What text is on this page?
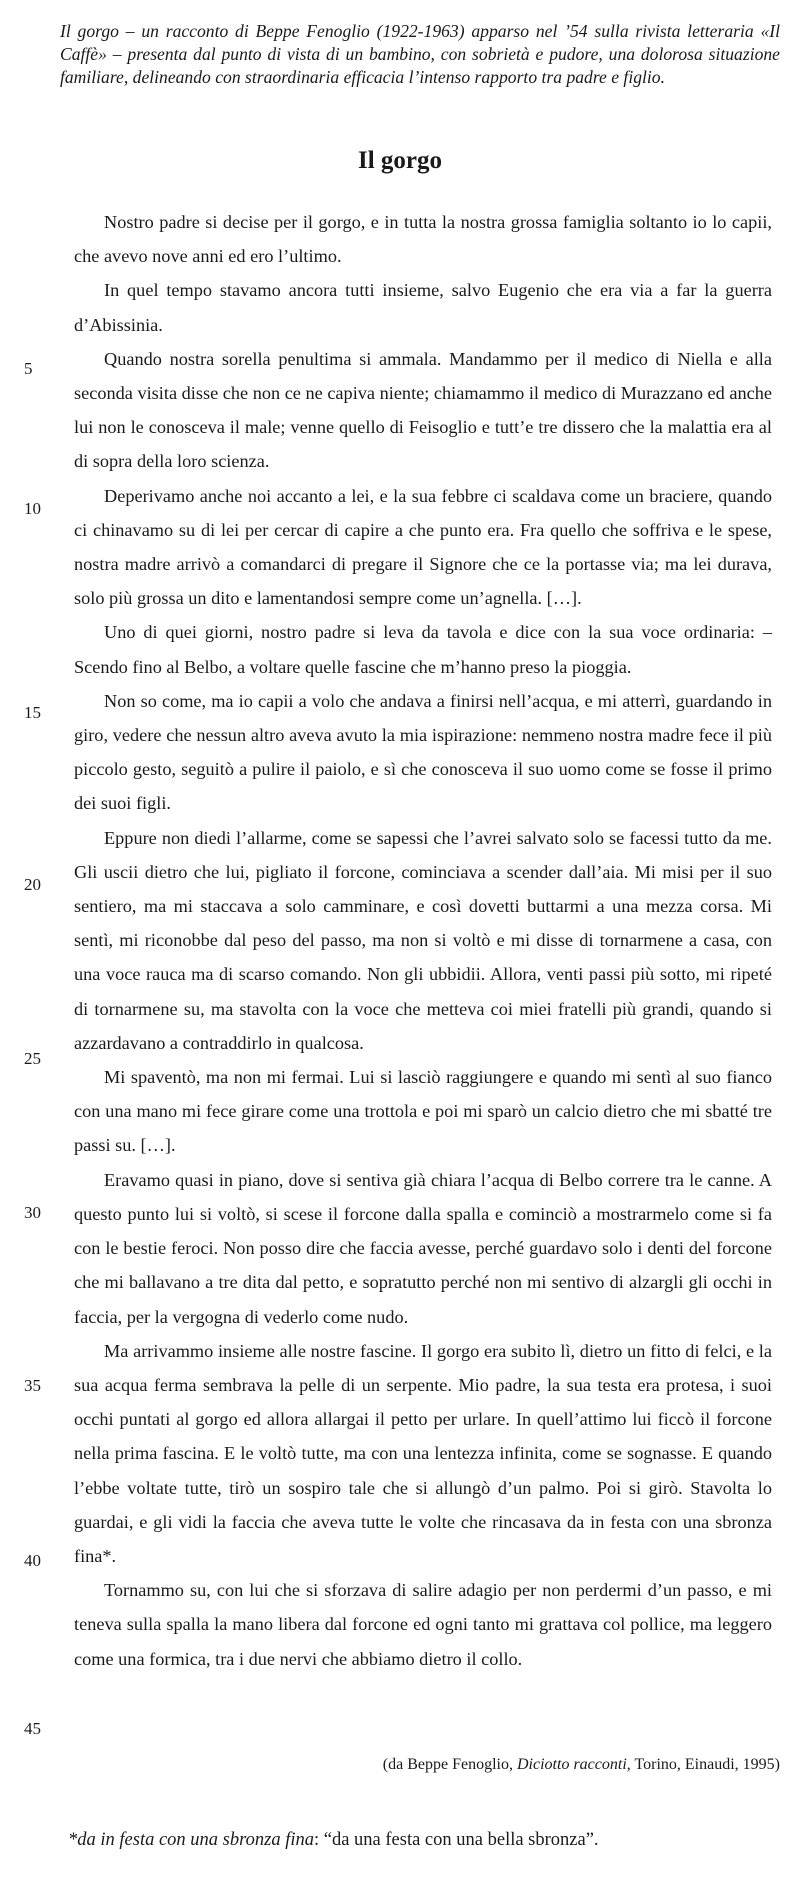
Il gorgo – un racconto di Beppe Fenoglio (1922-1963) apparso nel ’54 sulla rivista letteraria «Il Caffè» – presenta dal punto di vista di un bambino, con sobrietà e pudore, una dolorosa situazione familiare, delineando con straordinaria efficacia l’intenso rapporto tra padre e figlio.
Il gorgo
5
10
15
20
25
30
35
40
45

Nostro padre si decise per il gorgo, e in tutta la nostra grossa famiglia soltanto io lo capii, che avevo nove anni ed ero l’ultimo.

In quel tempo stavamo ancora tutti insieme, salvo Eugenio che era via a far la guerra d’Abissinia.

Quando nostra sorella penultima si ammala. Mandammo per il medico di Niella e alla seconda visita disse che non ce ne capiva niente; chiamammo il medico di Murazzano ed anche lui non le conosceva il male; venne quello di Feisoglio e tutt’e tre dissero che la malattia era al di sopra della loro scienza.

Deperivamo anche noi accanto a lei, e la sua febbre ci scaldava come un braciere, quando ci chinavamo su di lei per cercar di capire a che punto era. Fra quello che soffriva e le spese, nostra madre arrivò a comandarci di pregare il Signore che ce la portasse via; ma lei durava, solo più grossa un dito e lamentandosi sempre come un’agnella. […].

Uno di quei giorni, nostro padre si leva da tavola e dice con la sua voce ordinaria: – Scendo fino al Belbo, a voltare quelle fascine che m’hanno preso la pioggia.

Non so come, ma io capii a volo che andava a finirsi nell’acqua, e mi atterrì, guardando in giro, vedere che nessun altro aveva avuto la mia ispirazione: nemmeno nostra madre fece il più piccolo gesto, seguitò a pulire il paiolo, e sì che conosceva il suo uomo come se fosse il primo dei suoi figli.

Eppure non diedi l’allarme, come se sapessi che l’avrei salvato solo se facessi tutto da me. Gli uscii dietro che lui, pigliato il forcone, cominciava a scender dall’aia. Mi misi per il suo sentiero, ma mi staccava a solo camminare, e così dovetti buttarmi a una mezza corsa. Mi sentì, mi riconobbe dal peso del passo, ma non si voltò e mi disse di tornarmene a casa, con una voce rauca ma di scarso comando. Non gli ubbidii. Allora, venti passi più sotto, mi ripeté di tornarmene su, ma stavolta con la voce che metteva coi miei fratelli più grandi, quando si azzardavano a contraddirlo in qualcosa.

Mi spaventò, ma non mi fermai. Lui si lasciò raggiungere e quando mi sentì al suo fianco con una mano mi fece girare come una trottola e poi mi sparò un calcio dietro che mi sbatté tre passi su. […].

Eravamo quasi in piano, dove si sentiva già chiara l’acqua di Belbo correre tra le canne. A questo punto lui si voltò, si scese il forcone dalla spalla e cominciò a mostrarmelo come si fa con le bestie feroci. Non posso dire che faccia avesse, perché guardavo solo i denti del forcone che mi ballavano a tre dita dal petto, e sopratutto perché non mi sentivo di alzargli gli occhi in faccia, per la vergogna di vederlo come nudo.

Ma arrivammo insieme alle nostre fascine. Il gorgo era subito lì, dietro un fitto di felci, e la sua acqua ferma sembrava la pelle di un serpente. Mio padre, la sua testa era protesa, i suoi occhi puntati al gorgo ed allora allargai il petto per urlare. In quell’attimo lui ficcò il forcone nella prima fascina. E le voltò tutte, ma con una lentezza infinita, come se sognasse. E quando l’ebbe voltate tutte, tirò un sospiro tale che si allungò d’un palmo. Poi si girò. Stavolta lo guardai, e gli vidi la faccia che aveva tutte le volte che rincasava da in festa con una sbronza fina*.

Tornammo su, con lui che si sforzava di salire adagio per non perdermi d’un passo, e mi teneva sulla spalla la mano libera dal forcone ed ogni tanto mi grattava col pollice, ma leggero come una formica, tra i due nervi che abbiamo dietro il collo.

(da Beppe Fenoglio, Diciotto racconti, Torino, Einaudi, 1995)
*da in festa con una sbronza fina: “da una festa con una bella sbronza”.
